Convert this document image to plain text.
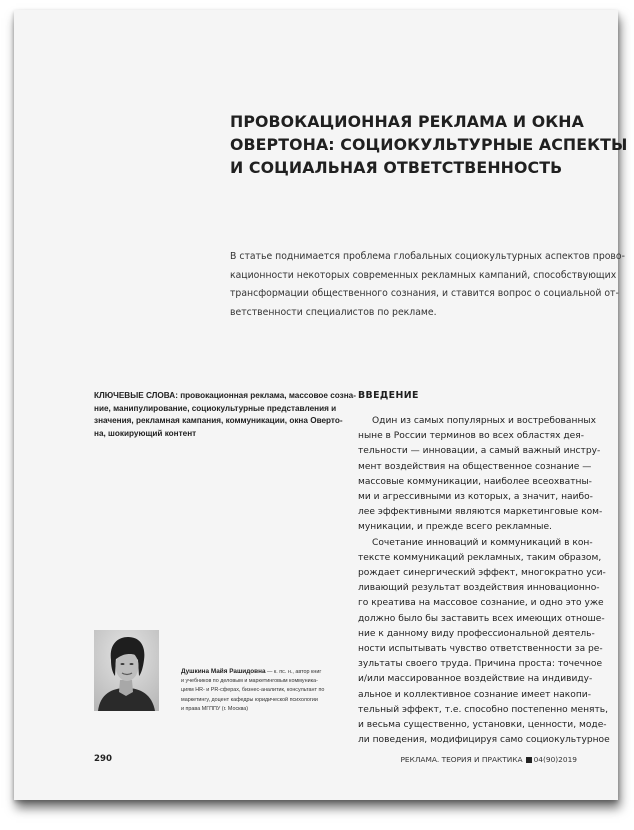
ПРОВОКАЦИОННАЯ РЕКЛАМА И ОКНА
ОВЕРТОНА: СОЦИОКУЛЬТУРНЫЕ АСПЕКТЫ
И СОЦИАЛЬНАЯ ОТВЕТСТВЕННОСТЬ

В статье поднимается проблема глобальных социокультурных аспектов прово-
кационности некоторых современных рекламных кампаний, способствующих
трансформации общественного сознания, и ставится вопрос о социальной от-
ветственности специалистов по рекламе.

КЛЮЧЕВЫЕ СЛОВА: провокационная реклама, массовое созна-
ние, манипулирование, социокультурные представления и
значения, рекламная кампания, коммуникации, окна Оверто-
на, шокирующий контент

ВВЕДЕНИЕ

Один из самых популярных и востребованных
ныне в России терминов во всех областях дея-
тельности — инновации, а самый важный инстру-
мент воздействия на общественное сознание —
массовые коммуникации, наиболее всеохватны-
ми и агрессивными из которых, а значит, наибо-
лее эффективными являются маркетинговые ком-
муникации, и прежде всего рекламные.

Сочетание инноваций и коммуникаций в кон-
тексте коммуникаций рекламных, таким образом,
рождает синергический эффект, многократно уси-
ливающий результат воздействия инновационно-
го креатива на массовое сознание, и одно это уже
должно было бы заставить всех имеющих отноше-
ние к данному виду профессиональной деятель-
ности испытывать чувство ответственности за ре-
зультаты своего труда. Причина проста: точечное
и/или массированное воздействие на индивиду-
альное и коллективное сознание имеет накопи-
тельный эффект, т.е. способно постепенно менять,
и весьма существенно, установки, ценности, моде-
ли поведения, модифицируя само социокультурное

Душкина Майя Рашидовна — к. пс. н., автор книг
и учебников по деловым и маркетинговым коммуника-
циям HR- и PR-сферах, бизнес-аналитик, консультант по
маркетингу, доцент кафедры юридической психологии
и права МГППУ (г. Москва)
290	РЕКЛАМА. ТЕОРИЯ И ПРАКТИКА 04(90)2019
